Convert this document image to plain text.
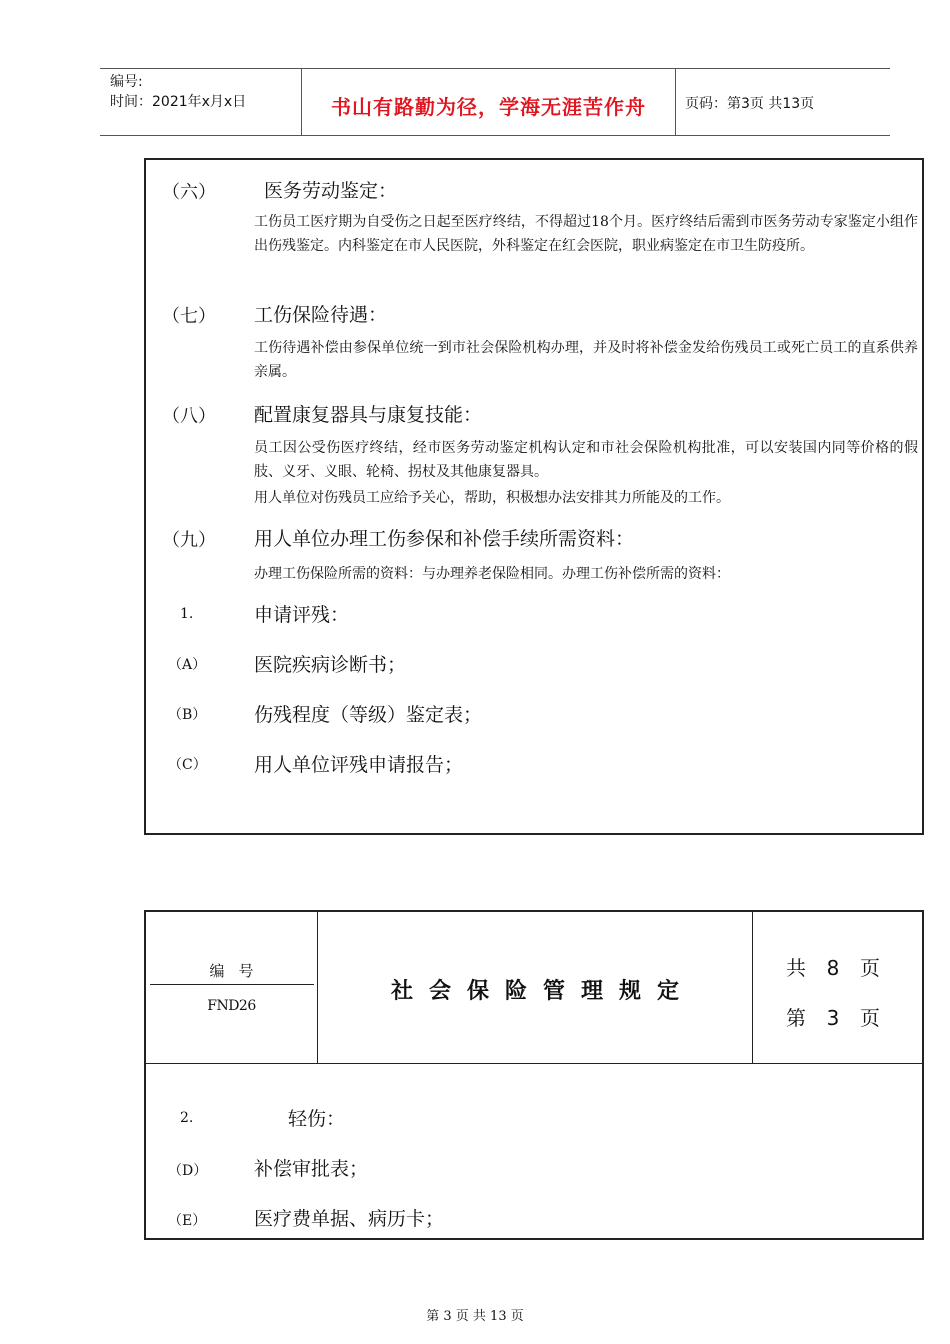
编号:
时间：2021年x月x日	书山有路勤为径，学海无涯苦作舟	页码：第3页 共13页
（六）	医务劳动鉴定：
工伤员工医疗期为自受伤之日起至医疗终结，不得超过18个月。医疗终结后需到市医务劳动专家鉴定小组作出伤残鉴定。内科鉴定在市人民医院，外科鉴定在红会医院，职业病鉴定在市卫生防疫所。
（七） 工伤保险待遇：
工伤待遇补偿由参保单位统一到市社会保险机构办理，并及时将补偿金发给伤残员工或死亡员工的直系供养亲属。
（八） 配置康复器具与康复技能：
员工因公受伤医疗终结，经市医务劳动鉴定机构认定和市社会保险机构批准，可以安装国内同等价格的假肢、义牙、义眼、轮椅、拐杖及其他康复器具。
用人单位对伤残员工应给予关心，帮助，积极想办法安排其力所能及的工作。
（九） 用人单位办理工伤参保和补偿手续所需资料：
办理工伤保险所需的资料：与办理养老保险相同。办理工伤补偿所需的资料：
1.	申请评残：
（A）	医院疾病诊断书；
（B）	伤残程度（等级）鉴定表；
（C） 用人单位评残申请报告；
编号
FND26
社会保险管理规定
共 8 页
第 3 页
2.	轻伤：
（D） 补偿审批表；
（E）	医疗费单据、病历卡；
第 3 页 共 13 页
